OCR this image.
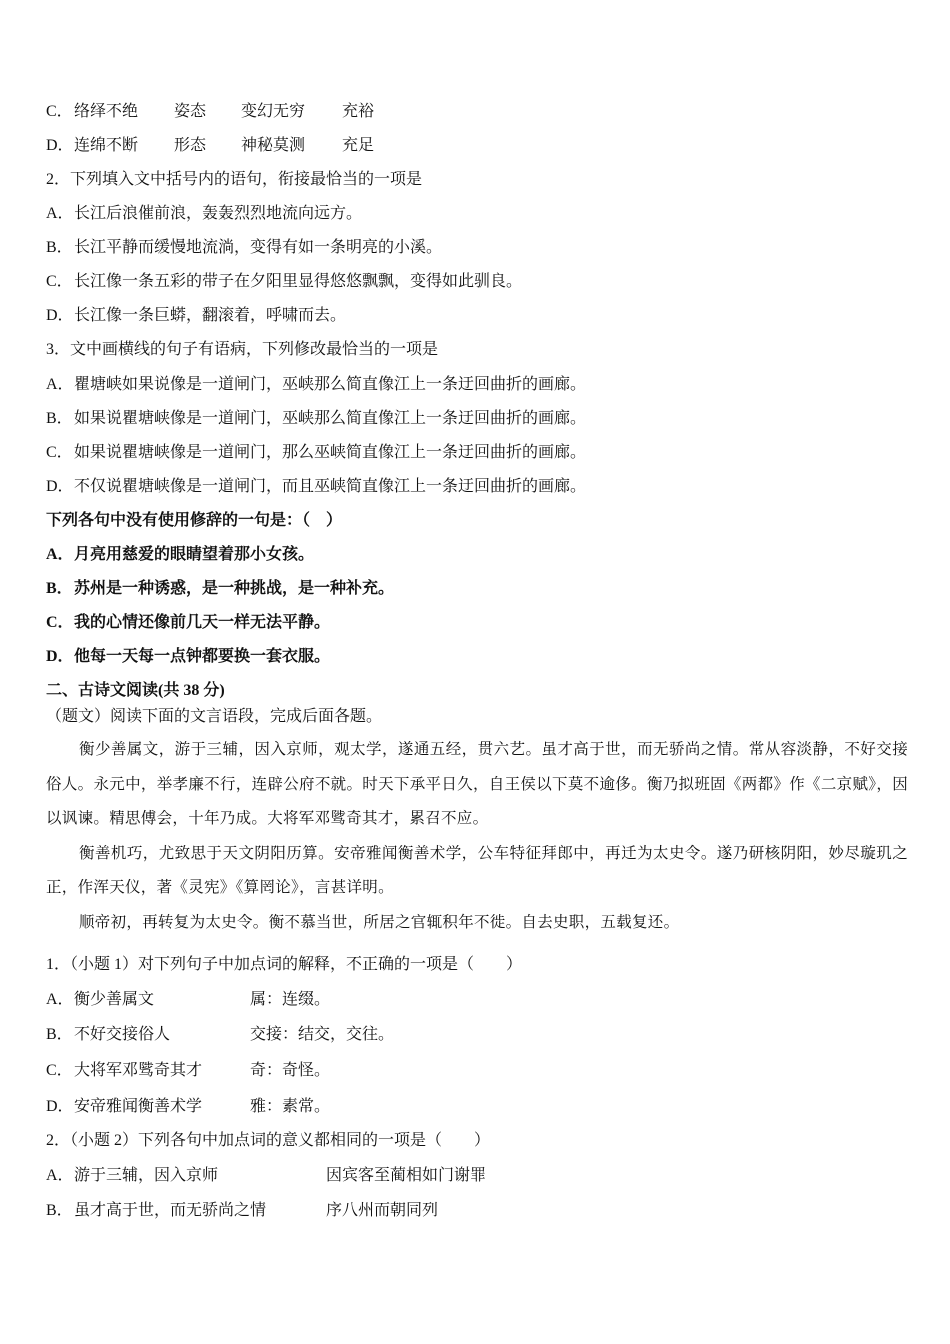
C．络绎不绝 姿态 变幻无穷 充裕
D．连绵不断 形态 神秘莫测 充足
2．下列填入文中括号内的语句，衔接最恰当的一项是
A．长江后浪催前浪，轰轰烈烈地流向远方。
B．长江平静而缓慢地流淌，变得有如一条明亮的小溪。
C．长江像一条五彩的带子在夕阳里显得悠悠飘飘，变得如此驯良。
D．长江像一条巨蟒，翻滚着，呼啸而去。
3．文中画横线的句子有语病，下列修改最恰当的一项是
A．瞿塘峡如果说像是一道闸门，巫峡那么简直像江上一条迂回曲折的画廊。
B．如果说瞿塘峡像是一道闸门，巫峡那么简直像江上一条迂回曲折的画廊。
C．如果说瞿塘峡像是一道闸门，那么巫峡简直像江上一条迂回曲折的画廊。
D．不仅说瞿塘峡像是一道闸门，而且巫峡简直像江上一条迂回曲折的画廊。
下列各句中没有使用修辞的一句是：（　）
A．月亮用慈爱的眼睛望着那小女孩。
B．苏州是一种诱惑，是一种挑战，是一种补充。
C．我的心情还像前几天一样无法平静。
D．他每一天每一点钟都要换一套衣服。
二、古诗文阅读(共 38 分)
（题文）阅读下面的文言语段，完成后面各题。

衡少善属文，游于三辅，因入京师，观太学，遂通五经，贯六艺。虽才高于世，而无骄尚之情。常从容淡静，不好交接俗人。永元中，举孝廉不行，连辟公府不就。时天下承平日久，自王侯以下莫不逾侈。衡乃拟班固《两都》作《二京赋》，因以讽谏。精思傅会，十年乃成。大将军邓骘奇其才，累召不应。

衡善机巧，尤致思于天文阴阳历算。安帝雅闻衡善术学，公车特征拜郎中，再迁为太史令。遂乃研核阴阳，妙尽璇玑之正，作浑天仪，著《灵宪》《算罔论》，言甚详明。

顺帝初，再转复为太史令。衡不慕当世，所居之官辄积年不徙。自去史职，五载复还。

1．（小题 1）对下列句子中加点词的解释，不正确的一项是（　　）
A．衡少善属文	属：连缀。
B．不好交接俗人	交接：结交，交往。
C．大将军邓骘奇其才	奇：奇怪。
D．安帝雅闻衡善术学	雅：素常。
2．（小题 2）下列各句中加点词的意义都相同的一项是（　　）
A．游于三辅，因入京师	因宾客至蔺相如门谢罪
B．虽才高于世，而无骄尚之情	序八州而朝同列
